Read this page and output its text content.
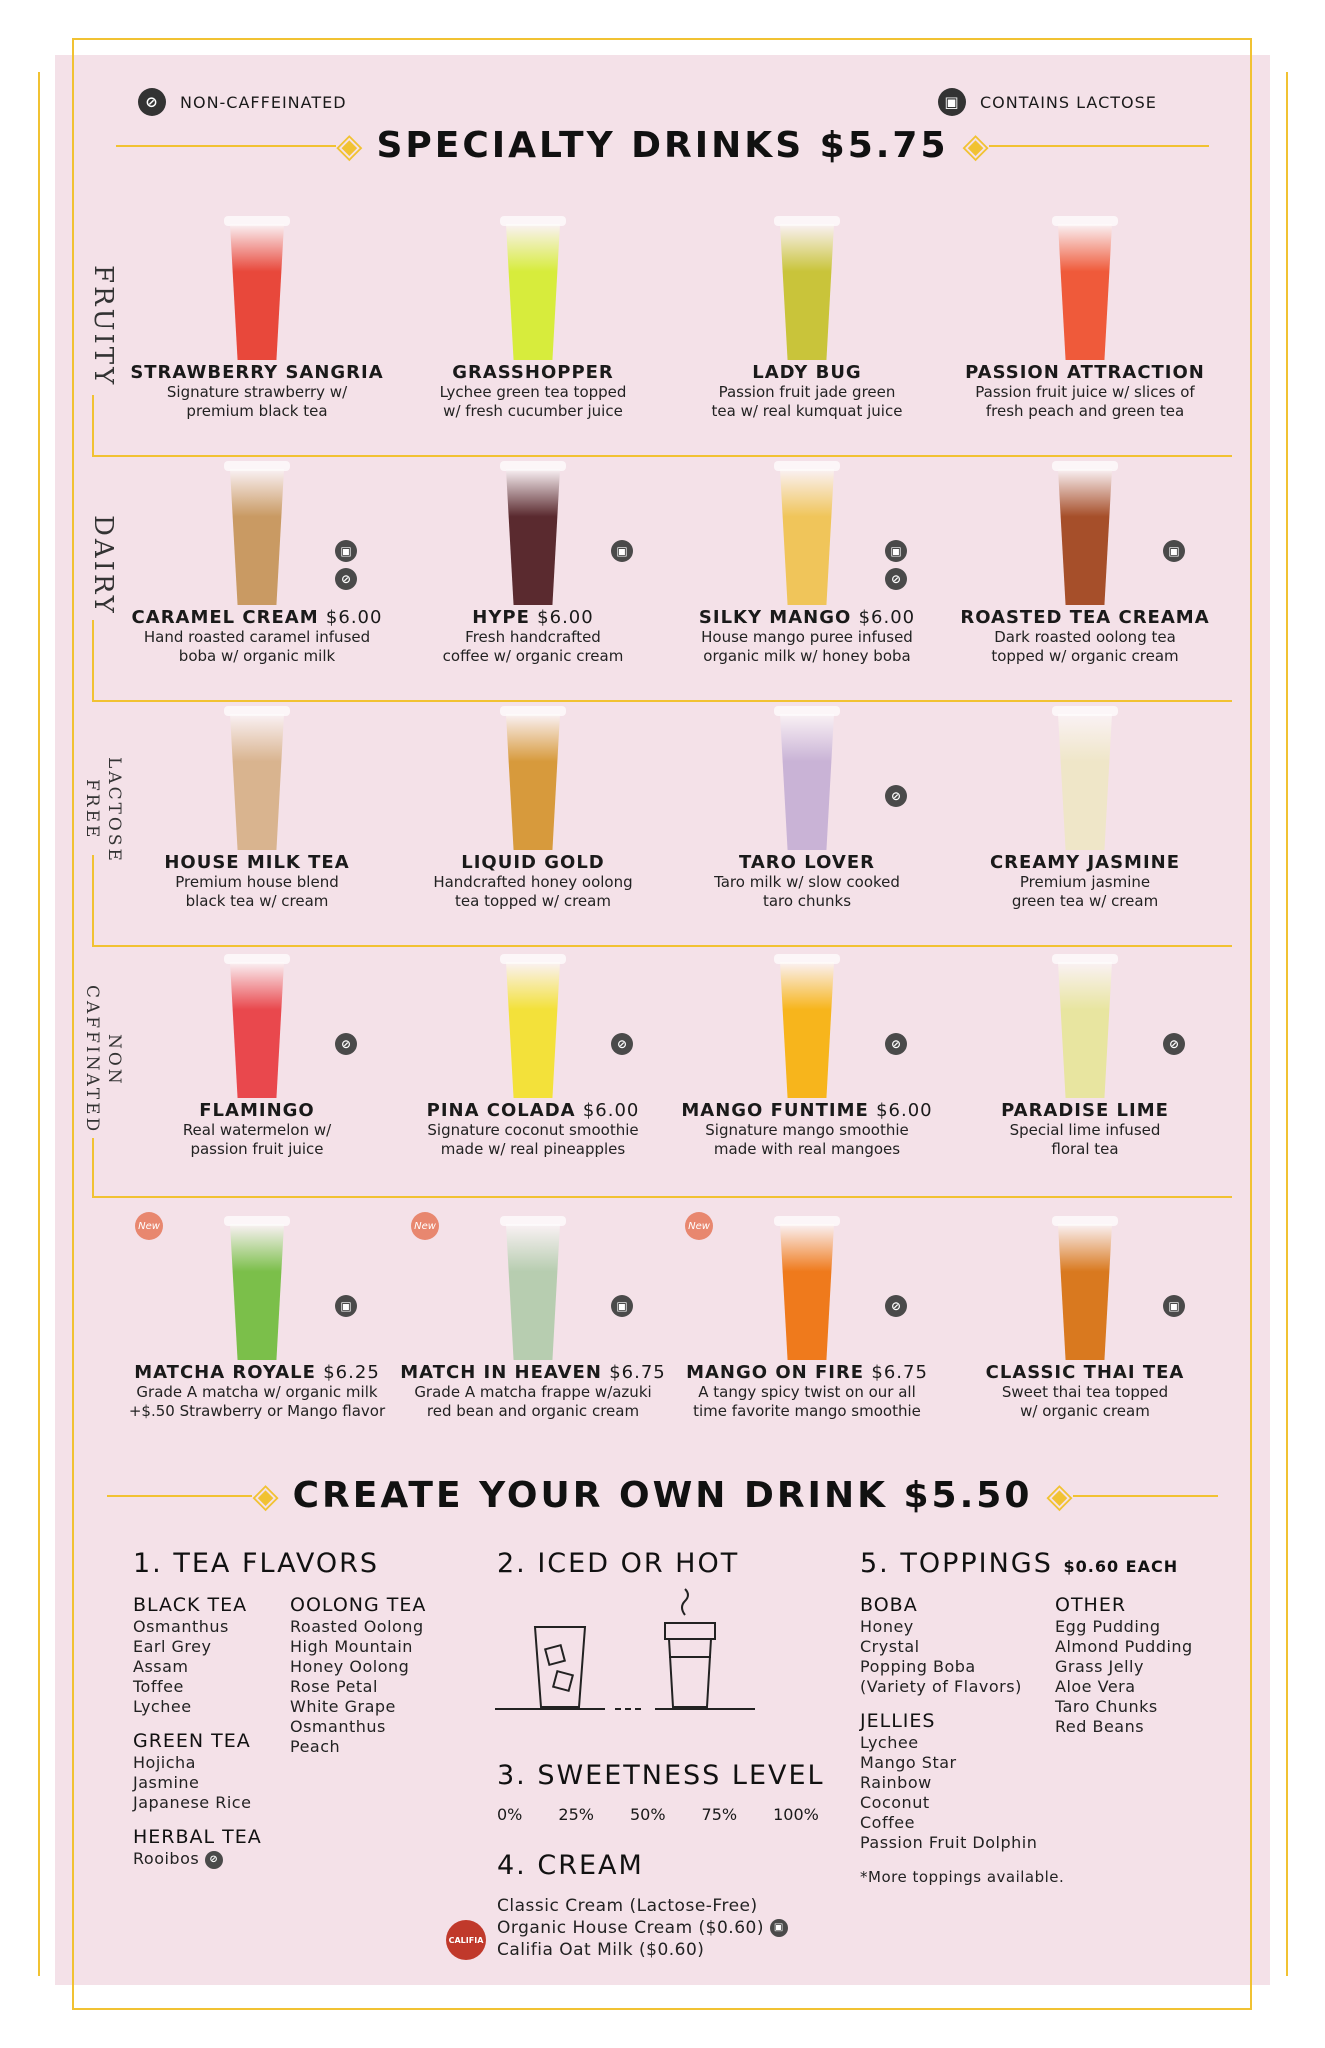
⊘	NON-CAFFEINATED	▣	CONTAINS LACTOSE
◈ SPECIALTY DRINKS $5.75 ◈
FRUITY
DAIRY
LACTOSE
FREE
NON
CAFFINATED
STRAWBERRY SANGRIA
Signature strawberry w/
premium black tea
GRASSHOPPER
Lychee green tea topped
w/ fresh cucumber juice
LADY BUG
Passion fruit jade green
tea w/ real kumquat juice
PASSION ATTRACTION
Passion fruit juice w/ slices of
fresh peach and green tea
CARAMEL CREAM $6.00
Hand roasted caramel infused
boba w/ organic milk
▣
⊘
HYPE $6.00
Fresh handcrafted
coffee w/ organic cream
▣
SILKY MANGO $6.00
House mango puree infused
organic milk w/ honey boba
▣
⊘
ROASTED TEA CREAMA
Dark roasted oolong tea
topped w/ organic cream
▣
HOUSE MILK TEA
Premium house blend
black tea w/ cream
LIQUID GOLD
Handcrafted honey oolong
tea topped w/ cream
TARO LOVER
Taro milk w/ slow cooked
taro chunks
⊘
CREAMY JASMINE
Premium jasmine
green tea w/ cream
FLAMINGO
Real watermelon w/
passion fruit juice
⊘
PINA COLADA $6.00
Signature coconut smoothie
made w/ real pineapples
⊘
MANGO FUNTIME $6.00
Signature mango smoothie
made with real mangoes
⊘
PARADISE LIME
Special lime infused
floral tea
⊘
MATCHA ROYALE $6.25
Grade A matcha w/ organic milk
+$.50 Strawberry or Mango flavor
▣
New
MATCH IN HEAVEN $6.75
Grade A matcha frappe w/azuki
red bean and organic cream
▣
New
MANGO ON FIRE $6.75
A tangy spicy twist on our all
time favorite mango smoothie
⊘
New
CLASSIC THAI TEA
Sweet thai tea topped
w/ organic cream
▣
◈ CREATE YOUR OWN DRINK $5.50 ◈
1. TEA FLAVORS
BLACK TEA
Osmanthus
Earl Grey
Assam
Toffee
Lychee
GREEN TEA
Hojicha
Jasmine
Japanese Rice
HERBAL TEA
Rooibos ⊘
OOLONG TEA
Roasted Oolong
High Mountain
Honey Oolong
Rose Petal
White Grape
Osmanthus
Peach
2. ICED OR HOT
3. SWEETNESS LEVEL
0% 25% 50% 75% 100%
4. CREAM
Classic Cream (Lactose-Free)
Organic House Cream ($0.60) ▣
Califia Oat Milk ($0.60)
CALIFIA
5. TOPPINGS $0.60 EACH
BOBA
Honey
Crystal
Popping Boba
(Variety of Flavors)
JELLIES
Lychee
Mango Star
Rainbow
Coconut
Coffee
Passion Fruit Dolphin
*More toppings available.
OTHER
Egg Pudding
Almond Pudding
Grass Jelly
Aloe Vera
Taro Chunks
Red Beans
